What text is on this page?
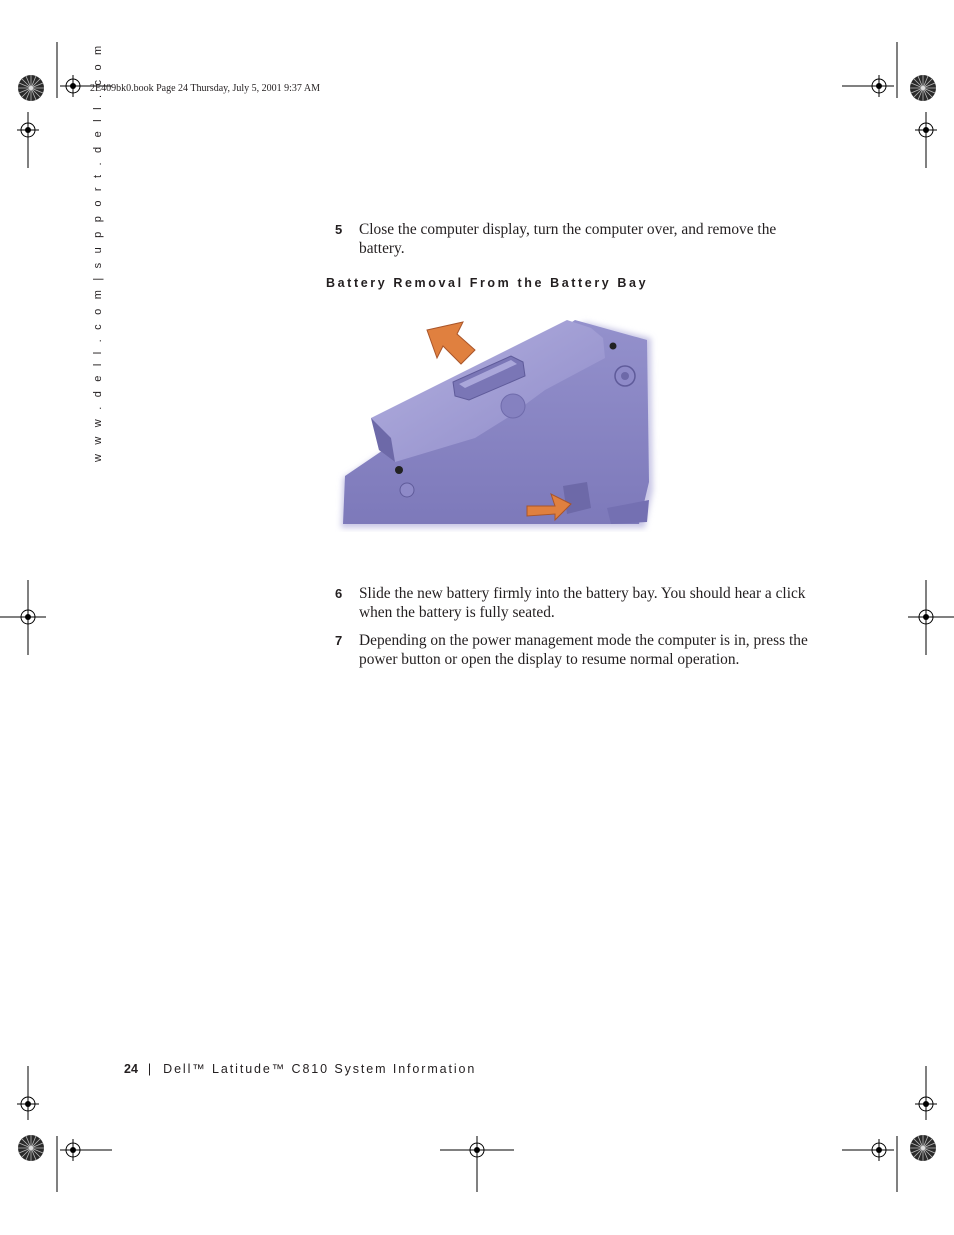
2E409bk0.book Page 24 Thursday, July 5, 2001 9:37 AM
w w w . d e l l . c o m | s u p p o r t . d e l l . c o m	5 Close the computer display, turn the computer over, and remove the battery.
Battery Removal From the Battery Bay
6 Slide the new battery firmly into the battery bay. You should hear a click when the battery is fully seated.
7 Depending on the power management mode the computer is in, press the power button or open the display to resume normal operation.
24 | Dell™ Latitude™ C810 System Information
